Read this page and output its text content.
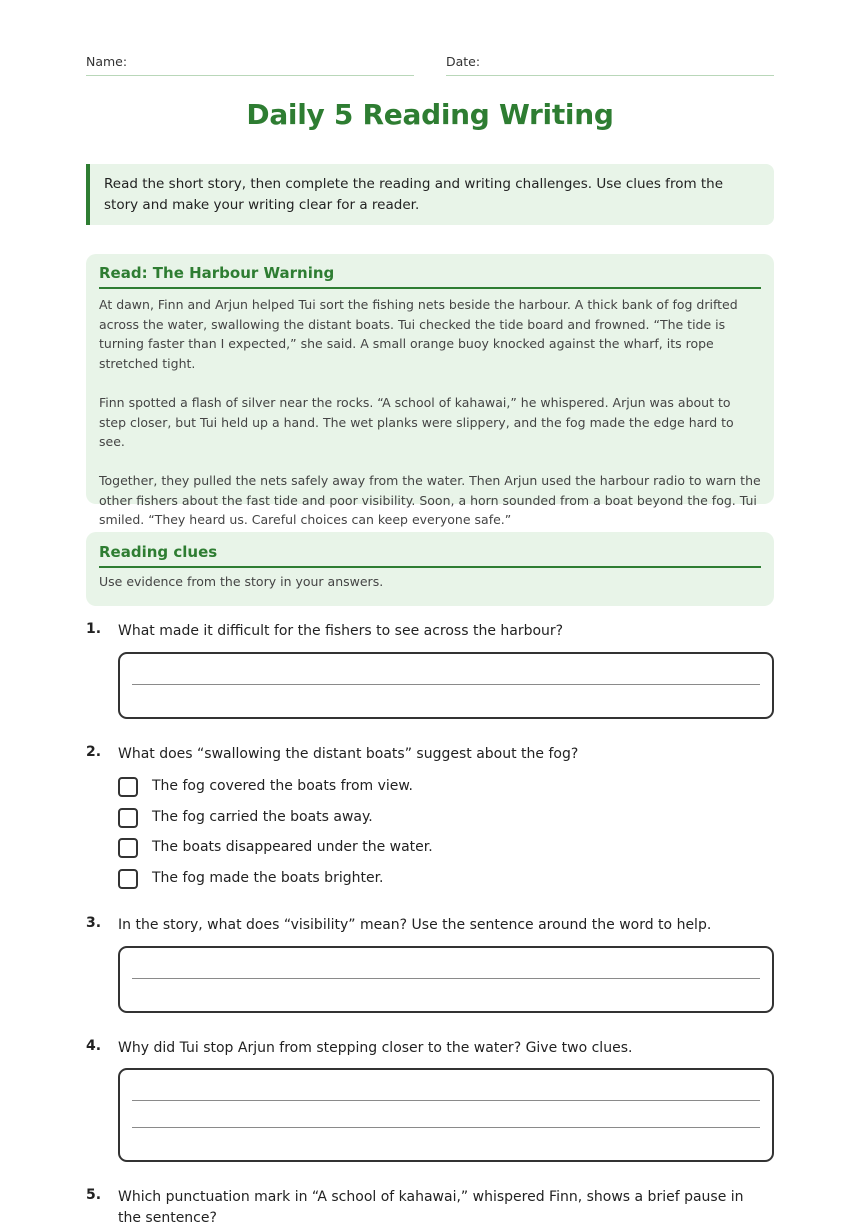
Name:	Date:
Daily 5 Reading Writing
Read the short story, then complete the reading and writing challenges. Use clues from the story and make your writing clear for a reader.
Read: The Harbour Warning

At dawn, Finn and Arjun helped Tui sort the fishing nets beside the harbour. A thick bank of fog drifted across the water, swallowing the distant boats. Tui checked the tide board and frowned. “The tide is turning faster than I expected,” she said. A small orange buoy knocked against the wharf, its rope stretched tight.

Finn spotted a flash of silver near the rocks. “A school of kahawai,” he whispered. Arjun was about to step closer, but Tui held up a hand. The wet planks were slippery, and the fog made the edge hard to see.

Together, they pulled the nets safely away from the water. Then Arjun used the harbour radio to warn the other fishers about the fast tide and poor visibility. Soon, a horn sounded from a boat beyond the fog. Tui smiled. “They heard us. Careful choices can keep everyone safe.”

Reading clues
Use evidence from the story in your answers.
1. What made it difficult for the fishers to see across the harbour?
2. What does “swallowing the distant boats” suggest about the fog?
The fog covered the boats from view.
The fog carried the boats away.
The boats disappeared under the water.
The fog made the boats brighter.
3. In the story, what does “visibility” mean? Use the sentence around the word to help.
4. Why did Tui stop Arjun from stepping closer to the water? Give two clues.
5. Which punctuation mark in “A school of kahawai,” whispered Finn, shows a brief pause in the sentence?
